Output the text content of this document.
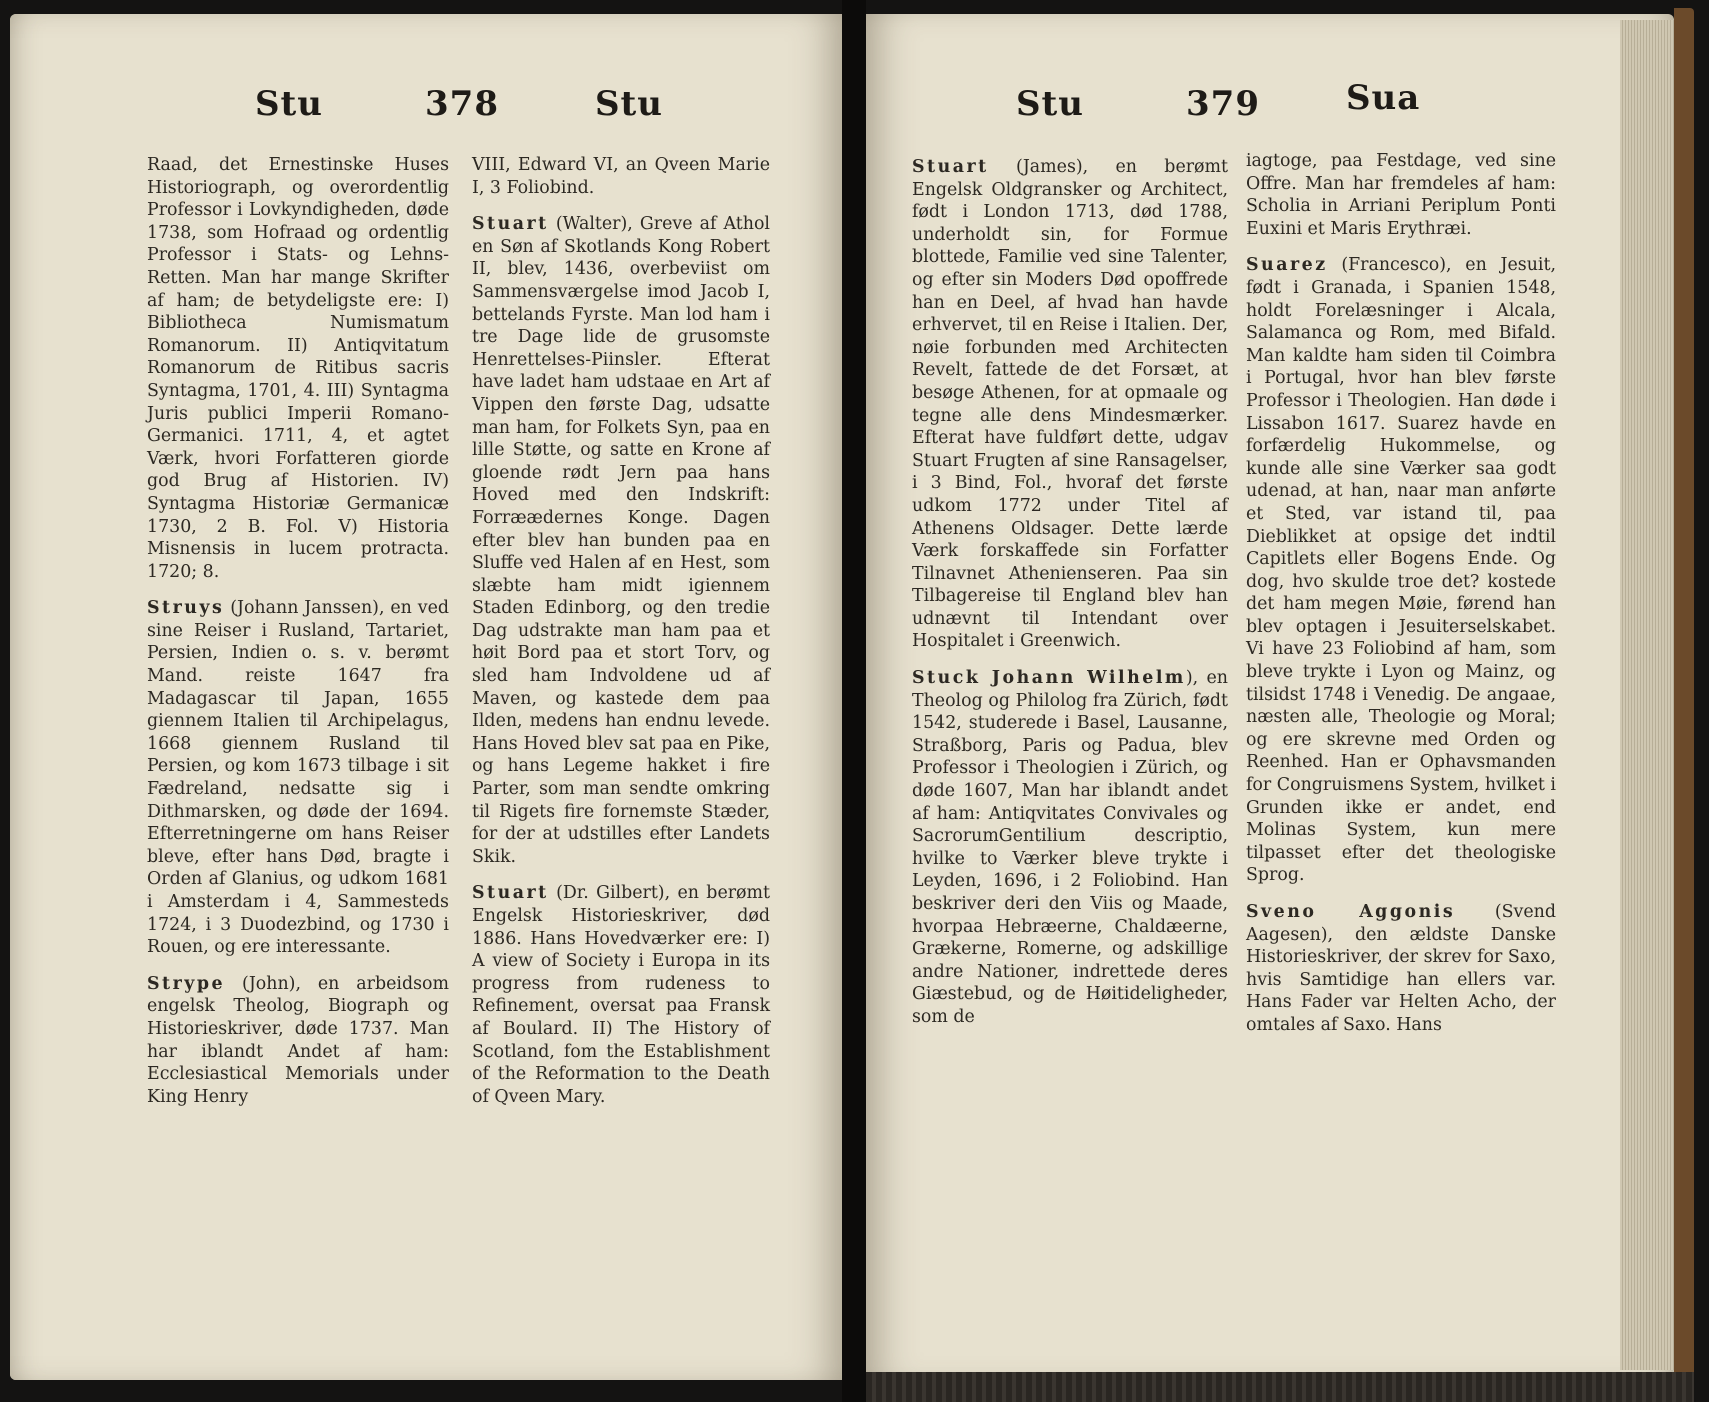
Stu	378	Stu

Raad, det Ernestinske Huses Historiograph, og overordentlig Professor i Lovkyndigheden, døde 1738, som Hofraad og ordentlig Professor i Stats- og Lehns-Retten. Man har mange Skrifter af ham; de betydeligste ere: I) Bibliotheca Numismatum Romanorum. II) Antiqvitatum Romanorum de Ritibus sacris Syntagma, 1701, 4. III) Syntagma Juris publici Imperii Romano-Germanici. 1711, 4, et agtet Værk, hvori Forfatteren giorde god Brug af Historien. IV) Syntagma Historiæ Germanicæ 1730, 2 B. Fol. V) Historia Misnensis in lucem protracta. 1720; 8.

Struys (Johann Janssen), en ved sine Reiser i Rusland, Tartariet, Persien, Indien o. s. v. berømt Mand. reiste 1647 fra Madagascar til Japan, 1655 giennem Italien til Archipelagus, 1668 giennem Rusland til Persien, og kom 1673 tilbage i sit Fædreland, nedsatte sig i Dithmarsken, og døde der 1694. Efterretningerne om hans Reiser bleve, efter hans Død, bragte i Orden af Glanius, og udkom 1681 i Amsterdam i 4, Sammesteds 1724, i 3 Duodezbind, og 1730 i Rouen, og ere interessante.

Strype (John), en arbeidsom engelsk Theolog, Biograph og Historieskriver, døde 1737. Man har iblandt Andet af ham: Ecclesiastical Memorials under King Henry

VIII, Edward VI, an Qveen Marie I, 3 Foliobind.

Stuart (Walter), Greve af Athol en Søn af Skotlands Kong Robert II, blev, 1436, overbeviist om Sammensværgelse imod Jacob I, bettelands Fyrste. Man lod ham i tre Dage lide de grusomste Henrettelses-Piinsler. Efterat have ladet ham udstaae en Art af Vippen den første Dag, udsatte man ham, for Folkets Syn, paa en lille Støtte, og satte en Krone af gloende rødt Jern paa hans Hoved med den Indskrift: Forræædernes Konge. Dagen efter blev han bunden paa en Sluffe ved Halen af en Hest, som slæbte ham midt igiennem Staden Edinborg, og den tredie Dag udstrakte man ham paa et høit Bord paa et stort Torv, og sled ham Indvoldene ud af Maven, og kastede dem paa Ilden, medens han endnu levede. Hans Hoved blev sat paa en Pike, og hans Legeme hakket i fire Parter, som man sendte omkring til Rigets fire fornemste Stæder, for der at udstilles efter Landets Skik.

Stuart (Dr. Gilbert), en berømt Engelsk Historieskriver, død 1886. Hans Hovedværker ere: I) A view of Society i Europa in its progress from rudeness to Refinement, oversat paa Fransk af Boulard. II) The History of Scotland, fom the Establishment of the Reformation to the Death of Qveen Mary.

Stu	379	Sua

Stuart (James), en berømt Engelsk Oldgransker og Architect, født i London 1713, død 1788, underholdt sin, for Formue blottede, Familie ved sine Talenter, og efter sin Moders Død opoffrede han en Deel, af hvad han havde erhvervet, til en Reise i Italien. Der, nøie forbunden med Architecten Revelt, fattede de det Forsæt, at besøge Athenen, for at opmaale og tegne alle dens Mindesmærker. Efterat have fuldført dette, udgav Stuart Frugten af sine Ransagelser, i 3 Bind, Fol., hvoraf det første udkom 1772 under Titel af Athenens Oldsager. Dette lærde Værk forskaffede sin Forfatter Tilnavnet Athenienseren. Paa sin Tilbagereise til England blev han udnævnt til Intendant over Hospitalet i Greenwich.

Stuck Johann Wilhelm), en Theolog og Philolog fra Zürich, født 1542, studerede i Basel, Lausanne, Straßborg, Paris og Padua, blev Professor i Theologien i Zürich, og døde 1607, Man har iblandt andet af ham: Antiqvitates Convivales og SacrorumGentilium descriptio, hvilke to Værker bleve trykte i Leyden, 1696, i 2 Foliobind. Han beskriver deri den Viis og Maade, hvorpaa Hebræerne, Chaldæerne, Grækerne, Romerne, og adskillige andre Nationer, indrettede deres Giæstebud, og de Høitideligheder, som de

iagtoge, paa Festdage, ved sine Offre. Man har fremdeles af ham: Scholia in Arriani Periplum Ponti Euxini et Maris Erythræi.

Suarez (Francesco), en Jesuit, født i Granada, i Spanien 1548, holdt Forelæsninger i Alcala, Salamanca og Rom, med Bifald. Man kaldte ham siden til Coimbra i Portugal, hvor han blev første Professor i Theologien. Han døde i Lissabon 1617. Suarez havde en forfærdelig Hukommelse, og kunde alle sine Værker saa godt udenad, at han, naar man anførte et Sted, var istand til, paa Dieblikket at opsige det indtil Capitlets eller Bogens Ende. Og dog, hvo skulde troe det? kostede det ham megen Møie, førend han blev optagen i Jesuiterselskabet. Vi have 23 Foliobind af ham, som bleve trykte i Lyon og Mainz, og tilsidst 1748 i Venedig. De angaae, næsten alle, Theologie og Moral; og ere skrevne med Orden og Reenhed. Han er Ophavsmanden for Congruismens System, hvilket i Grunden ikke er andet, end Molinas System, kun mere tilpasset efter det theologiske Sprog.

Sveno Aggonis (Svend Aagesen), den ældste Danske Historieskriver, der skrev for Saxo, hvis Samtidige han ellers var. Hans Fader var Helten Acho, der omtales af Saxo. Hans
